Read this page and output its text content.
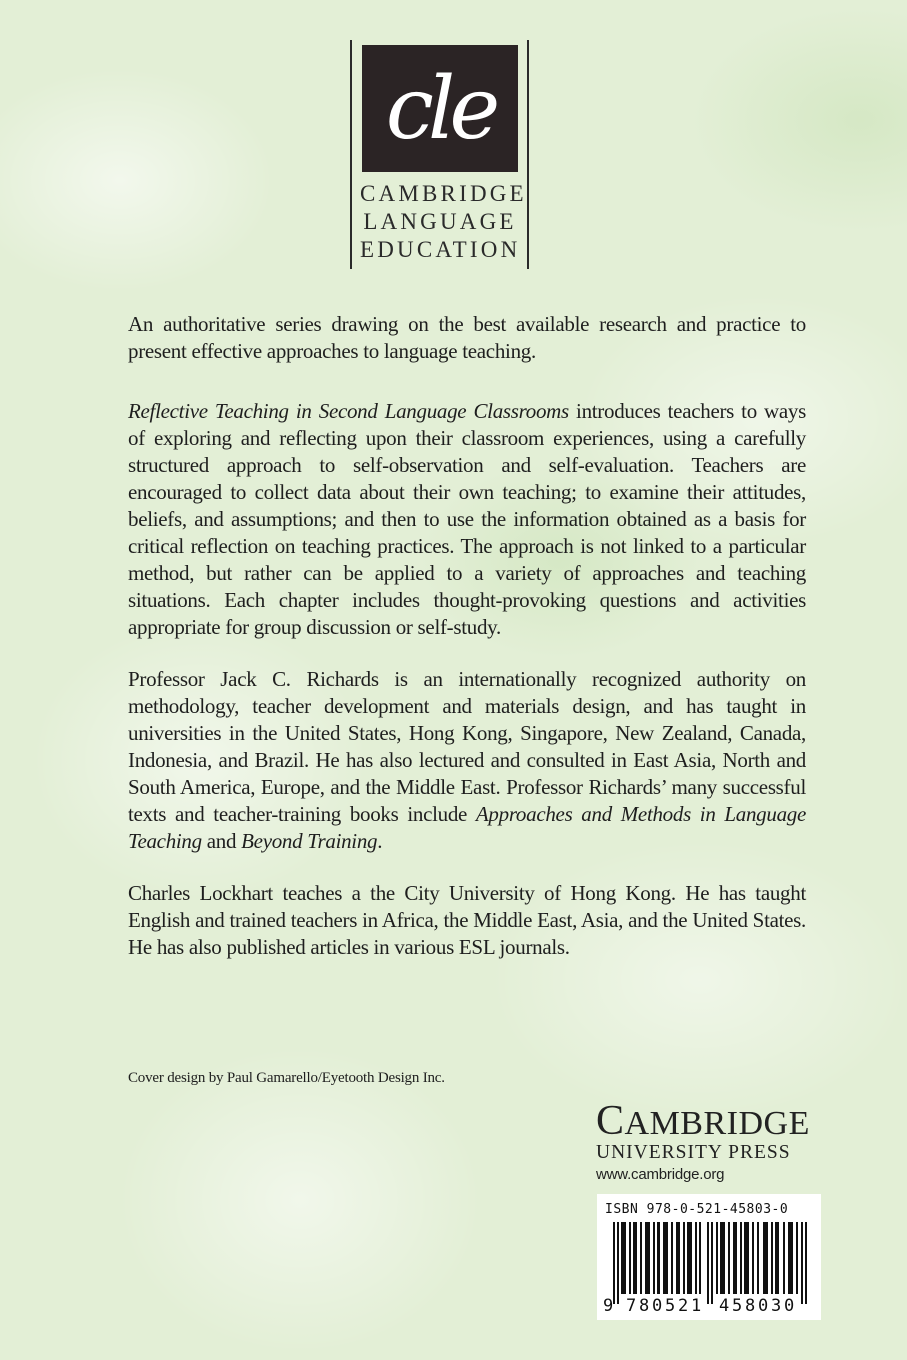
cle
CAMBRIDGE
LANGUAGE
EDUCATION

An authoritative series drawing on the best available research and practice to present effective approaches to language teaching.

Reflective Teaching in Second Language Classrooms introduces teachers to ways of exploring and reflecting upon their classroom experiences, using a carefully structured approach to self-observation and self-evaluation. Teachers are encouraged to collect data about their own teaching; to examine their attitudes, beliefs, and assumptions; and then to use the information obtained as a basis for critical reflection on teaching practices. The approach is not linked to a particular method, but rather can be applied to a variety of approaches and teaching situations. Each chapter includes thought-provoking questions and activities appropriate for group discussion or self-study.

Professor Jack C. Richards is an internationally recognized authority on methodology, teacher development and materials design, and has taught in universities in the United States, Hong Kong, Singapore, New Zealand, Canada, Indonesia, and Brazil. He has also lectured and consulted in East Asia, North and South America, Europe, and the Middle East. Professor Richards’ many successful texts and teacher-training books include Approaches and Methods in Language Teaching and Beyond Training.

Charles Lockhart teaches a the City University of Hong Kong. He has taught English and trained teachers in Africa, the Middle East, Asia, and the United States. He has also published articles in various ESL journals.

Cover design by Paul Gamarello/Eyetooth Design Inc.
CAMBRIDGE
UNIVERSITY PRESS
www.cambridge.org
ISBN 978-0-521-45803-0
9 7 8 0 5 2 1 4 5 8 0 3 0
